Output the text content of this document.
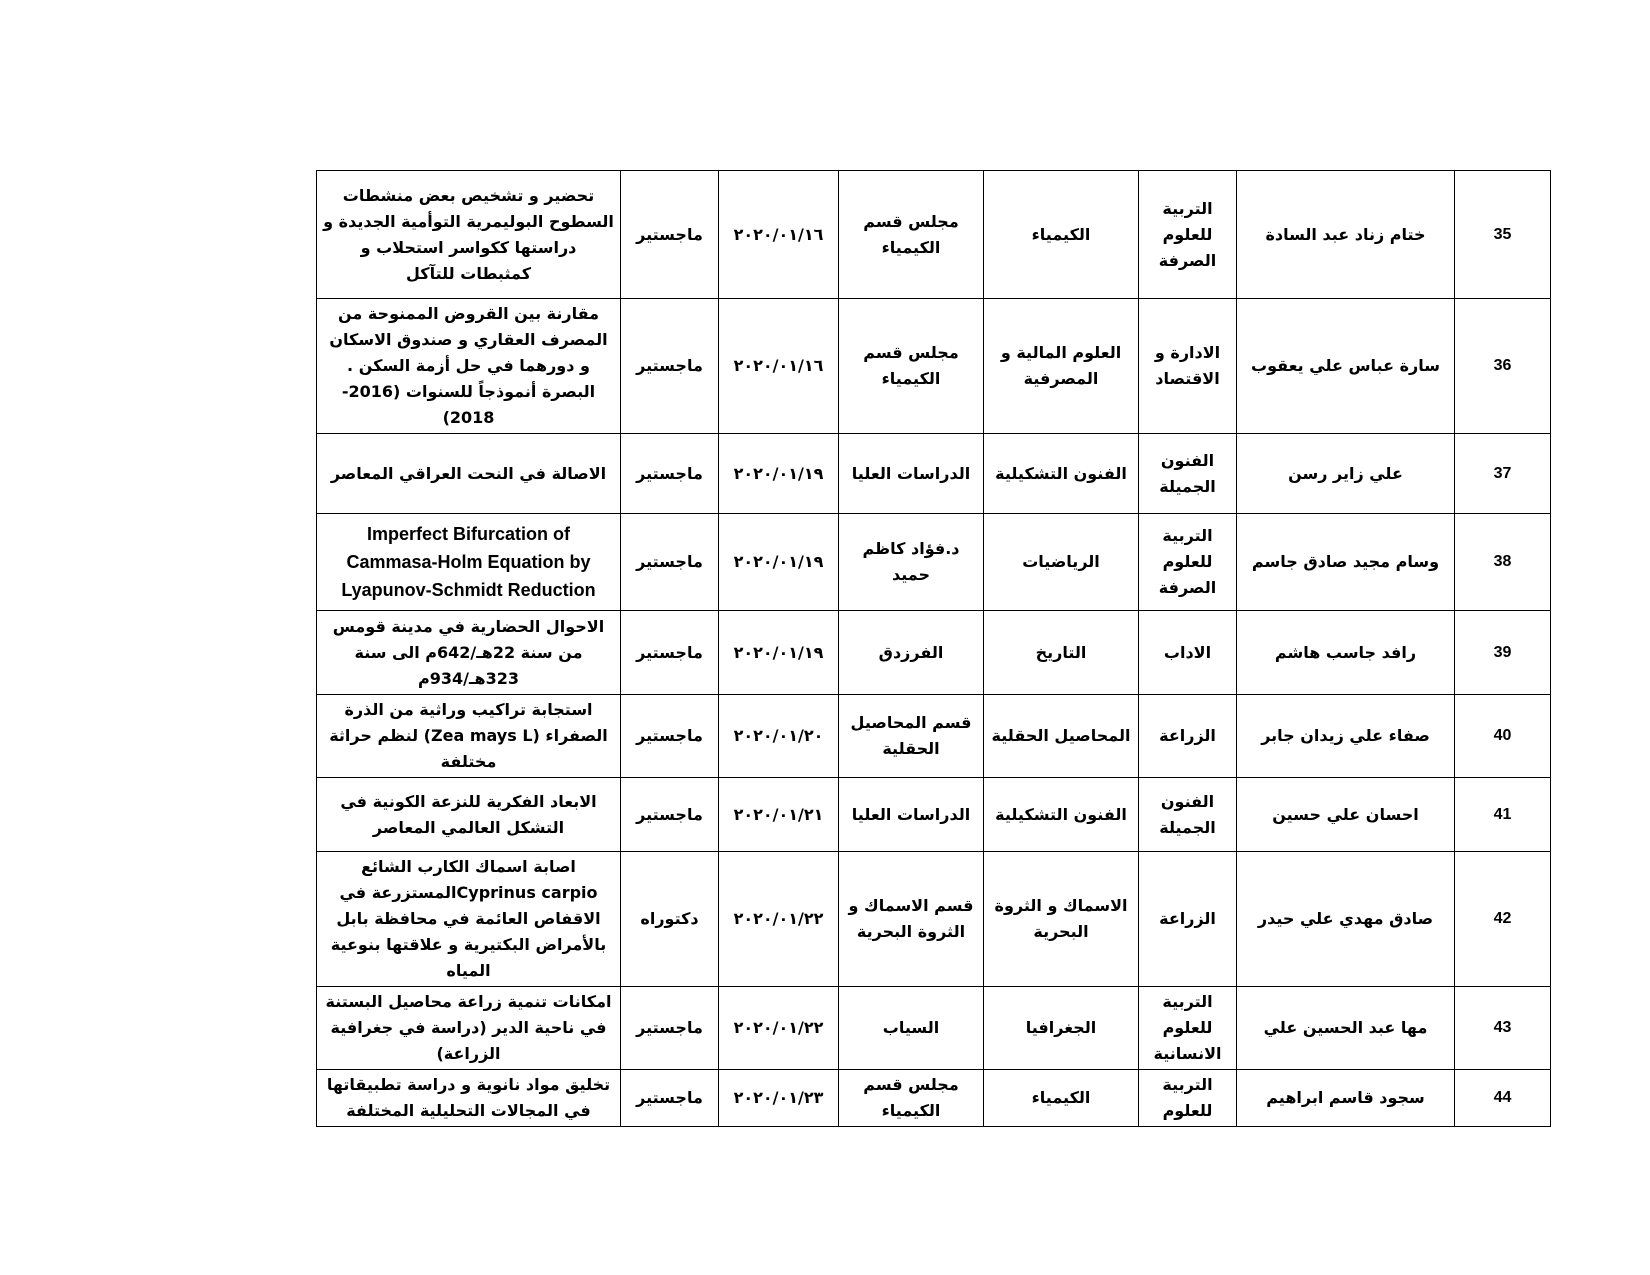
35	ختام زناد عبد السادة	التربية للعلوم الصرفة	الكيمياء	مجلس قسم الكيمياء	٢٠٢٠/٠١/١٦	ماجستير	تحضير و تشخيص بعض منشطات السطوح البوليمرية التوأمية الجديدة و دراستها ككواسر استحلاب و كمثبطات للتآكل
36	سارة عباس علي يعقوب	الادارة و الاقتصاد	العلوم المالية و المصرفية	مجلس قسم الكيمياء	٢٠٢٠/٠١/١٦	ماجستير	مقارنة بين القروض الممنوحة من المصرف العقاري و صندوق الاسكان و دورهما في حل أزمة السكن . البصرة أنموذجاً للسنوات (2016-2018)
37	علي زاير رسن	الفنون الجميلة	الفنون التشكيلية	الدراسات العليا	٢٠٢٠/٠١/١٩	ماجستير	الاصالة في النحت العراقي المعاصر
38	وسام مجيد صادق جاسم	التربية للعلوم الصرفة	الرياضيات	د.فؤاد كاظم حميد	٢٠٢٠/٠١/١٩	ماجستير	Imperfect Bifurcation of Cammasa-Holm Equation by Lyapunov-Schmidt Reduction
39	رافد جاسب هاشم	الاداب	التاريخ	الفرزدق	٢٠٢٠/٠١/١٩	ماجستير	الاحوال الحضارية في مدينة قومس من سنة 22هـ/642م الى سنة 323هـ/934م
40	صفاء علي زيدان جابر	الزراعة	المحاصيل الحقلية	قسم المحاصيل الحقلية	٢٠٢٠/٠١/٢٠	ماجستير	استجابة تراكيب وراثية من الذرة الصفراء (Zea mays L) لنظم حراثة مختلفة
41	احسان علي حسين	الفنون الجميلة	الفنون التشكيلية	الدراسات العليا	٢٠٢٠/٠١/٢١	ماجستير	الابعاد الفكرية للنزعة الكونية في التشكل العالمي المعاصر
42	صادق مهدي علي حيدر	الزراعة	الاسماك و الثروة البحرية	قسم الاسماك و الثروة البحرية	٢٠٢٠/٠١/٢٢	دكتوراه	اصابة اسماك الكارب الشائع Cyprinus carpioالمستزرعة في الاقفاص العائمة في محافظة بابل بالأمراض البكتيرية و علاقتها بنوعية المياه
43	مها عبد الحسين علي	التربية للعلوم الانسانية	الجغرافيا	السياب	٢٠٢٠/٠١/٢٢	ماجستير	امكانات تنمية زراعة محاصيل البستنة في ناحية الدير (دراسة في جغرافية الزراعة)
44	سجود قاسم ابراهيم	التربية للعلوم	الكيمياء	مجلس قسم الكيمياء	٢٠٢٠/٠١/٢٣	ماجستير	تخليق مواد نانوية و دراسة تطبيقاتها في المجالات التحليلية المختلفة
